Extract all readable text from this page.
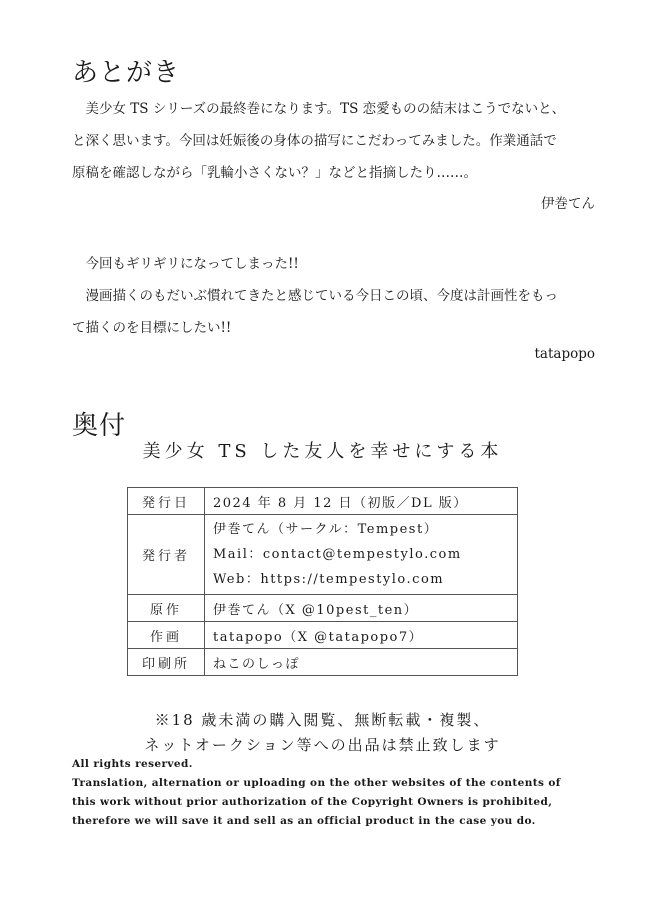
あとがき
　美少女 TS シリーズの最終巻になります。TS 恋愛ものの結末はこうでないと、
と深く思います。今回は妊娠後の身体の描写にこだわってみました。作業通話で
原稿を確認しながら「乳輪小さくない？」などと指摘したり……。
伊巻てん
　今回もギリギリになってしまった!!
　漫画描くのもだいぶ慣れてきたと感じている今日この頃、今度は計画性をもっ
て描くのを目標にしたい!!
tatapopo
奥付
美少女 TS した友人を幸せにする本
発行日	2024 年 8 月 12 日（初版／DL 版）
発行者	伊巻てん（サークル：Tempest）
Mail：contact@tempestylo.com
Web：https://tempestylo.com

原作	伊巻てん（X @10pest_ten）
作画	tatapopo（X @tatapopo7）
印刷所	ねこのしっぽ
※18 歳未満の購入閲覧、無断転載・複製、
ネットオークション等への出品は禁止致します
All rights reserved.
Translation, alternation or uploading on the other websites of the contents of
this work without prior authorization of the Copyright Owners is prohibited,
therefore we will save it and sell as an official product in the case you do.
